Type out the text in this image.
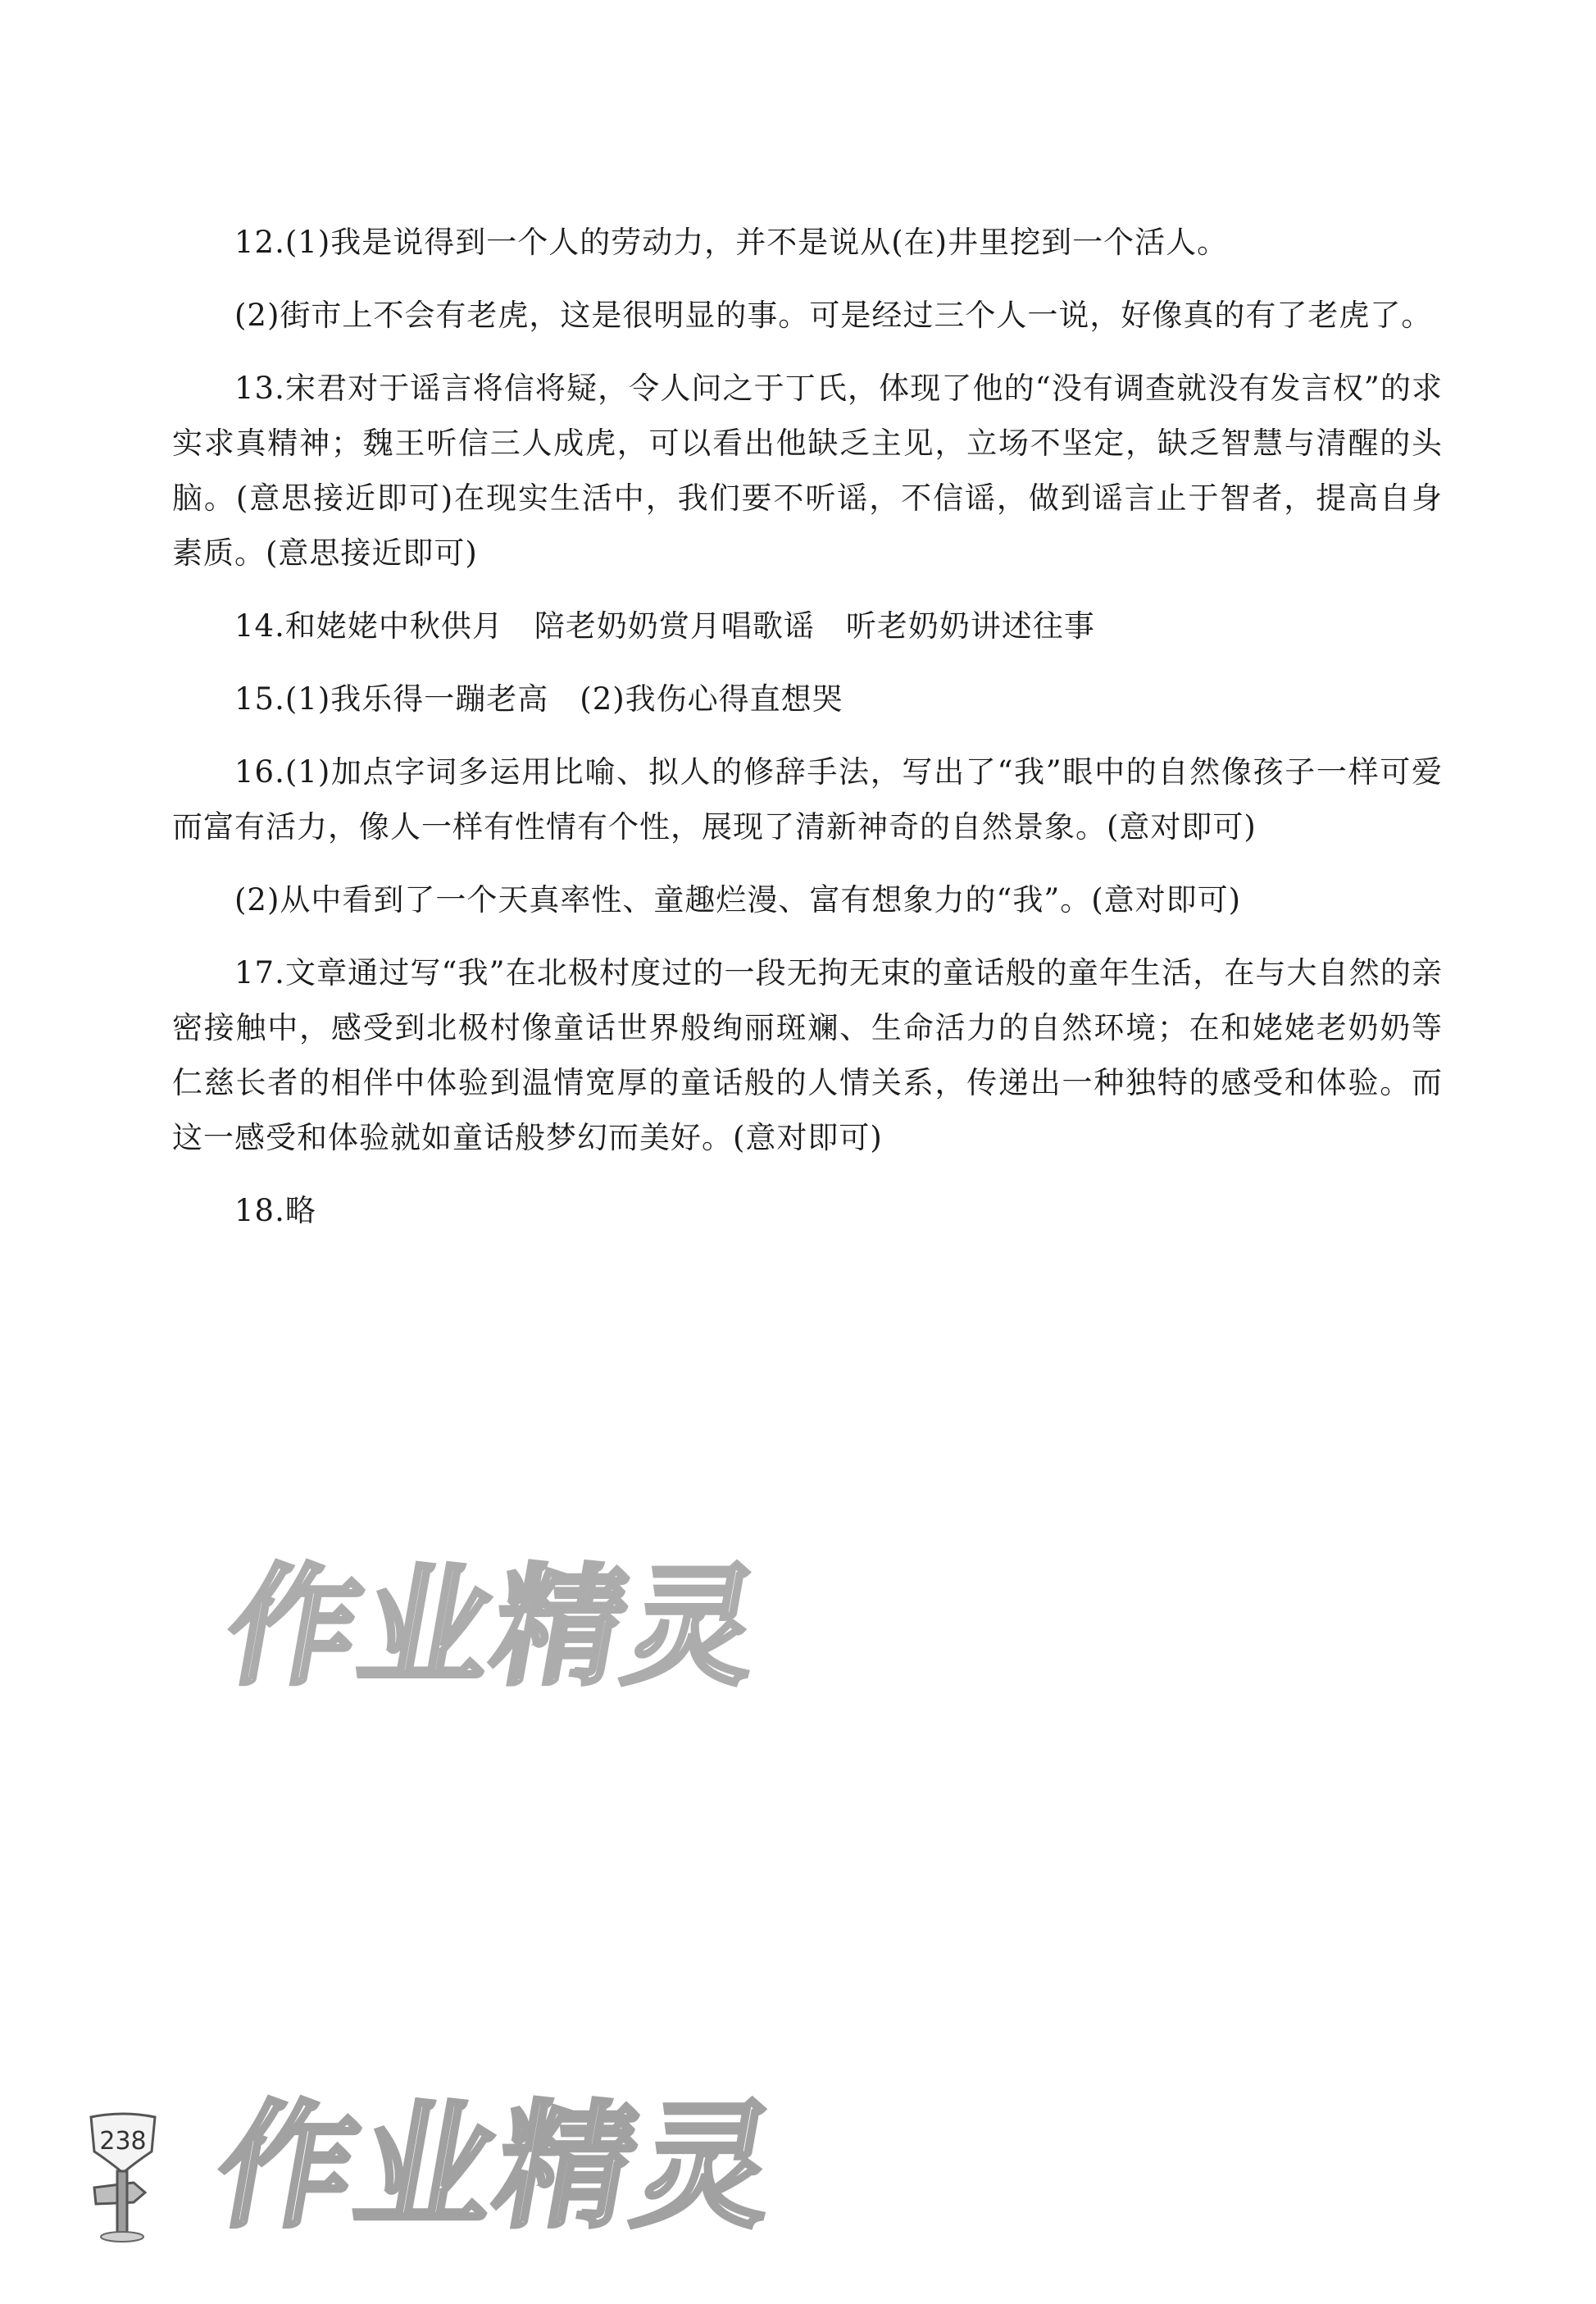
12.(1)我是说得到一个人的劳动力，并不是说从(在)井里挖到一个活人。

(2)街市上不会有老虎，这是很明显的事。可是经过三个人一说，好像真的有了老虎了。

13.宋君对于谣言将信将疑，令人问之于丁氏，体现了他的“没有调查就没有发言权”的求实求真精神；魏王听信三人成虎，可以看出他缺乏主见，立场不坚定，缺乏智慧与清醒的头脑。(意思接近即可)在现实生活中，我们要不听谣，不信谣，做到谣言止于智者，提高自身素质。(意思接近即可)

14.和姥姥中秋供月　陪老奶奶赏月唱歌谣　听老奶奶讲述往事

15.(1)我乐得一蹦老高　(2)我伤心得直想哭

16.(1)加点字词多运用比喻、拟人的修辞手法，写出了“我”眼中的自然像孩子一样可爱而富有活力，像人一样有性情有个性，展现了清新神奇的自然景象。(意对即可)

(2)从中看到了一个天真率性、童趣烂漫、富有想象力的“我”。(意对即可)

17.文章通过写“我”在北极村度过的一段无拘无束的童话般的童年生活，在与大自然的亲密接触中，感受到北极村像童话世界般绚丽斑斓、生命活力的自然环境；在和姥姥老奶奶等仁慈长者的相伴中体验到温情宽厚的童话般的人情关系，传递出一种独特的感受和体验。而这一感受和体验就如童话般梦幻而美好。(意对即可)

18.略

作业精灵
作业精灵
238
